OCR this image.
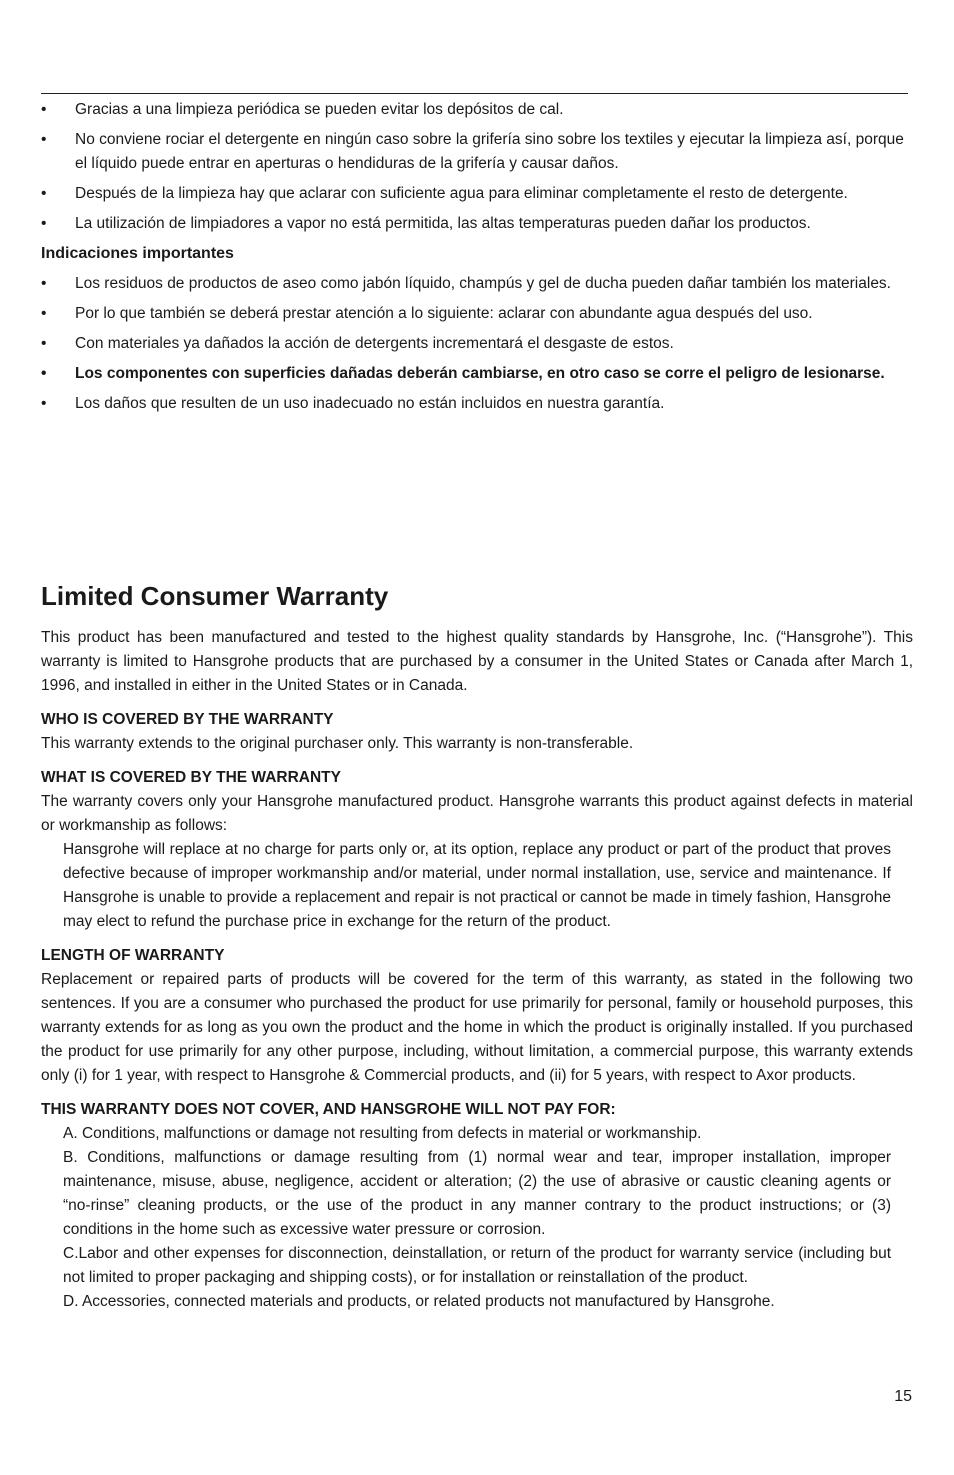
• Gracias a una limpieza periódica se pueden evitar los depósitos de cal.
• No conviene rociar el detergente en ningún caso sobre la grifería sino sobre los textiles y ejecutar la limpieza así, porque el líquido puede entrar en aperturas o hendiduras de la grifería y causar daños.
• Después de la limpieza hay que aclarar con suficiente agua para eliminar completamente el resto de detergente.
• La utilización de limpiadores a vapor no está permitida, las altas temperaturas pueden dañar los productos.
Indicaciones importantes
• Los residuos de productos de aseo como jabón líquido, champús y gel de ducha pueden dañar también los materiales.
• Por lo que también se deberá prestar atención a lo siguiente: aclarar con abundante agua después del uso.
• Con materiales ya dañados la acción de detergents incrementará el desgaste de estos.
• Los componentes con superficies dañadas deberán cambiarse, en otro caso se corre el peligro de lesionarse.
• Los daños que resulten de un uso inadecuado no están incluidos en nuestra garantía.
Limited Consumer Warranty

This product has been manufactured and tested to the highest quality standards by Hansgrohe, Inc. (“Hansgrohe”). This warranty is limited to Hansgrohe products that are purchased by a consumer in the United States or Canada after March 1, 1996, and installed in either in the United States or in Canada.

WHO IS COVERED BY THE WARRANTY

This warranty extends to the original purchaser only. This warranty is non-transferable.

WHAT IS COVERED BY THE WARRANTY

The warranty covers only your Hansgrohe manufactured product. Hansgrohe warrants this product against defects in material or workmanship as follows:

Hansgrohe will replace at no charge for parts only or, at its option, replace any product or part of the product that proves defective because of improper workmanship and/or material, under normal installation, use, service and maintenance. If Hansgrohe is unable to provide a replacement and repair is not practical or cannot be made in timely fashion, Hansgrohe may elect to refund the purchase price in exchange for the return of the product.

LENGTH OF WARRANTY

Replacement or repaired parts of products will be covered for the term of this warranty, as stated in the following two sentences. If you are a consumer who purchased the product for use primarily for personal, family or household purposes, this warranty extends for as long as you own the product and the home in which the product is originally installed. If you purchased the product for use primarily for any other purpose, including, without limitation, a commercial purpose, this warranty extends only (i) for 1 year, with respect to Hansgrohe & Commercial products, and (ii) for 5 years, with respect to Axor products.

THIS WARRANTY DOES NOT COVER, AND HANSGROHE WILL NOT PAY FOR:

A. Conditions, malfunctions or damage not resulting from defects in material or workmanship.

B. Conditions, malfunctions or damage resulting from (1) normal wear and tear, improper installation, improper maintenance, misuse, abuse, negligence, accident or alteration; (2) the use of abrasive or caustic cleaning agents or “no-rinse” cleaning products, or the use of the product in any manner contrary to the product instructions; or (3) conditions in the home such as excessive water pressure or corrosion.

C.Labor and other expenses for disconnection, deinstallation, or return of the product for warranty service (including but not limited to proper packaging and shipping costs), or for installation or reinstallation of the product.

D. Accessories, connected materials and products, or related products not manufactured by Hansgrohe.

15
